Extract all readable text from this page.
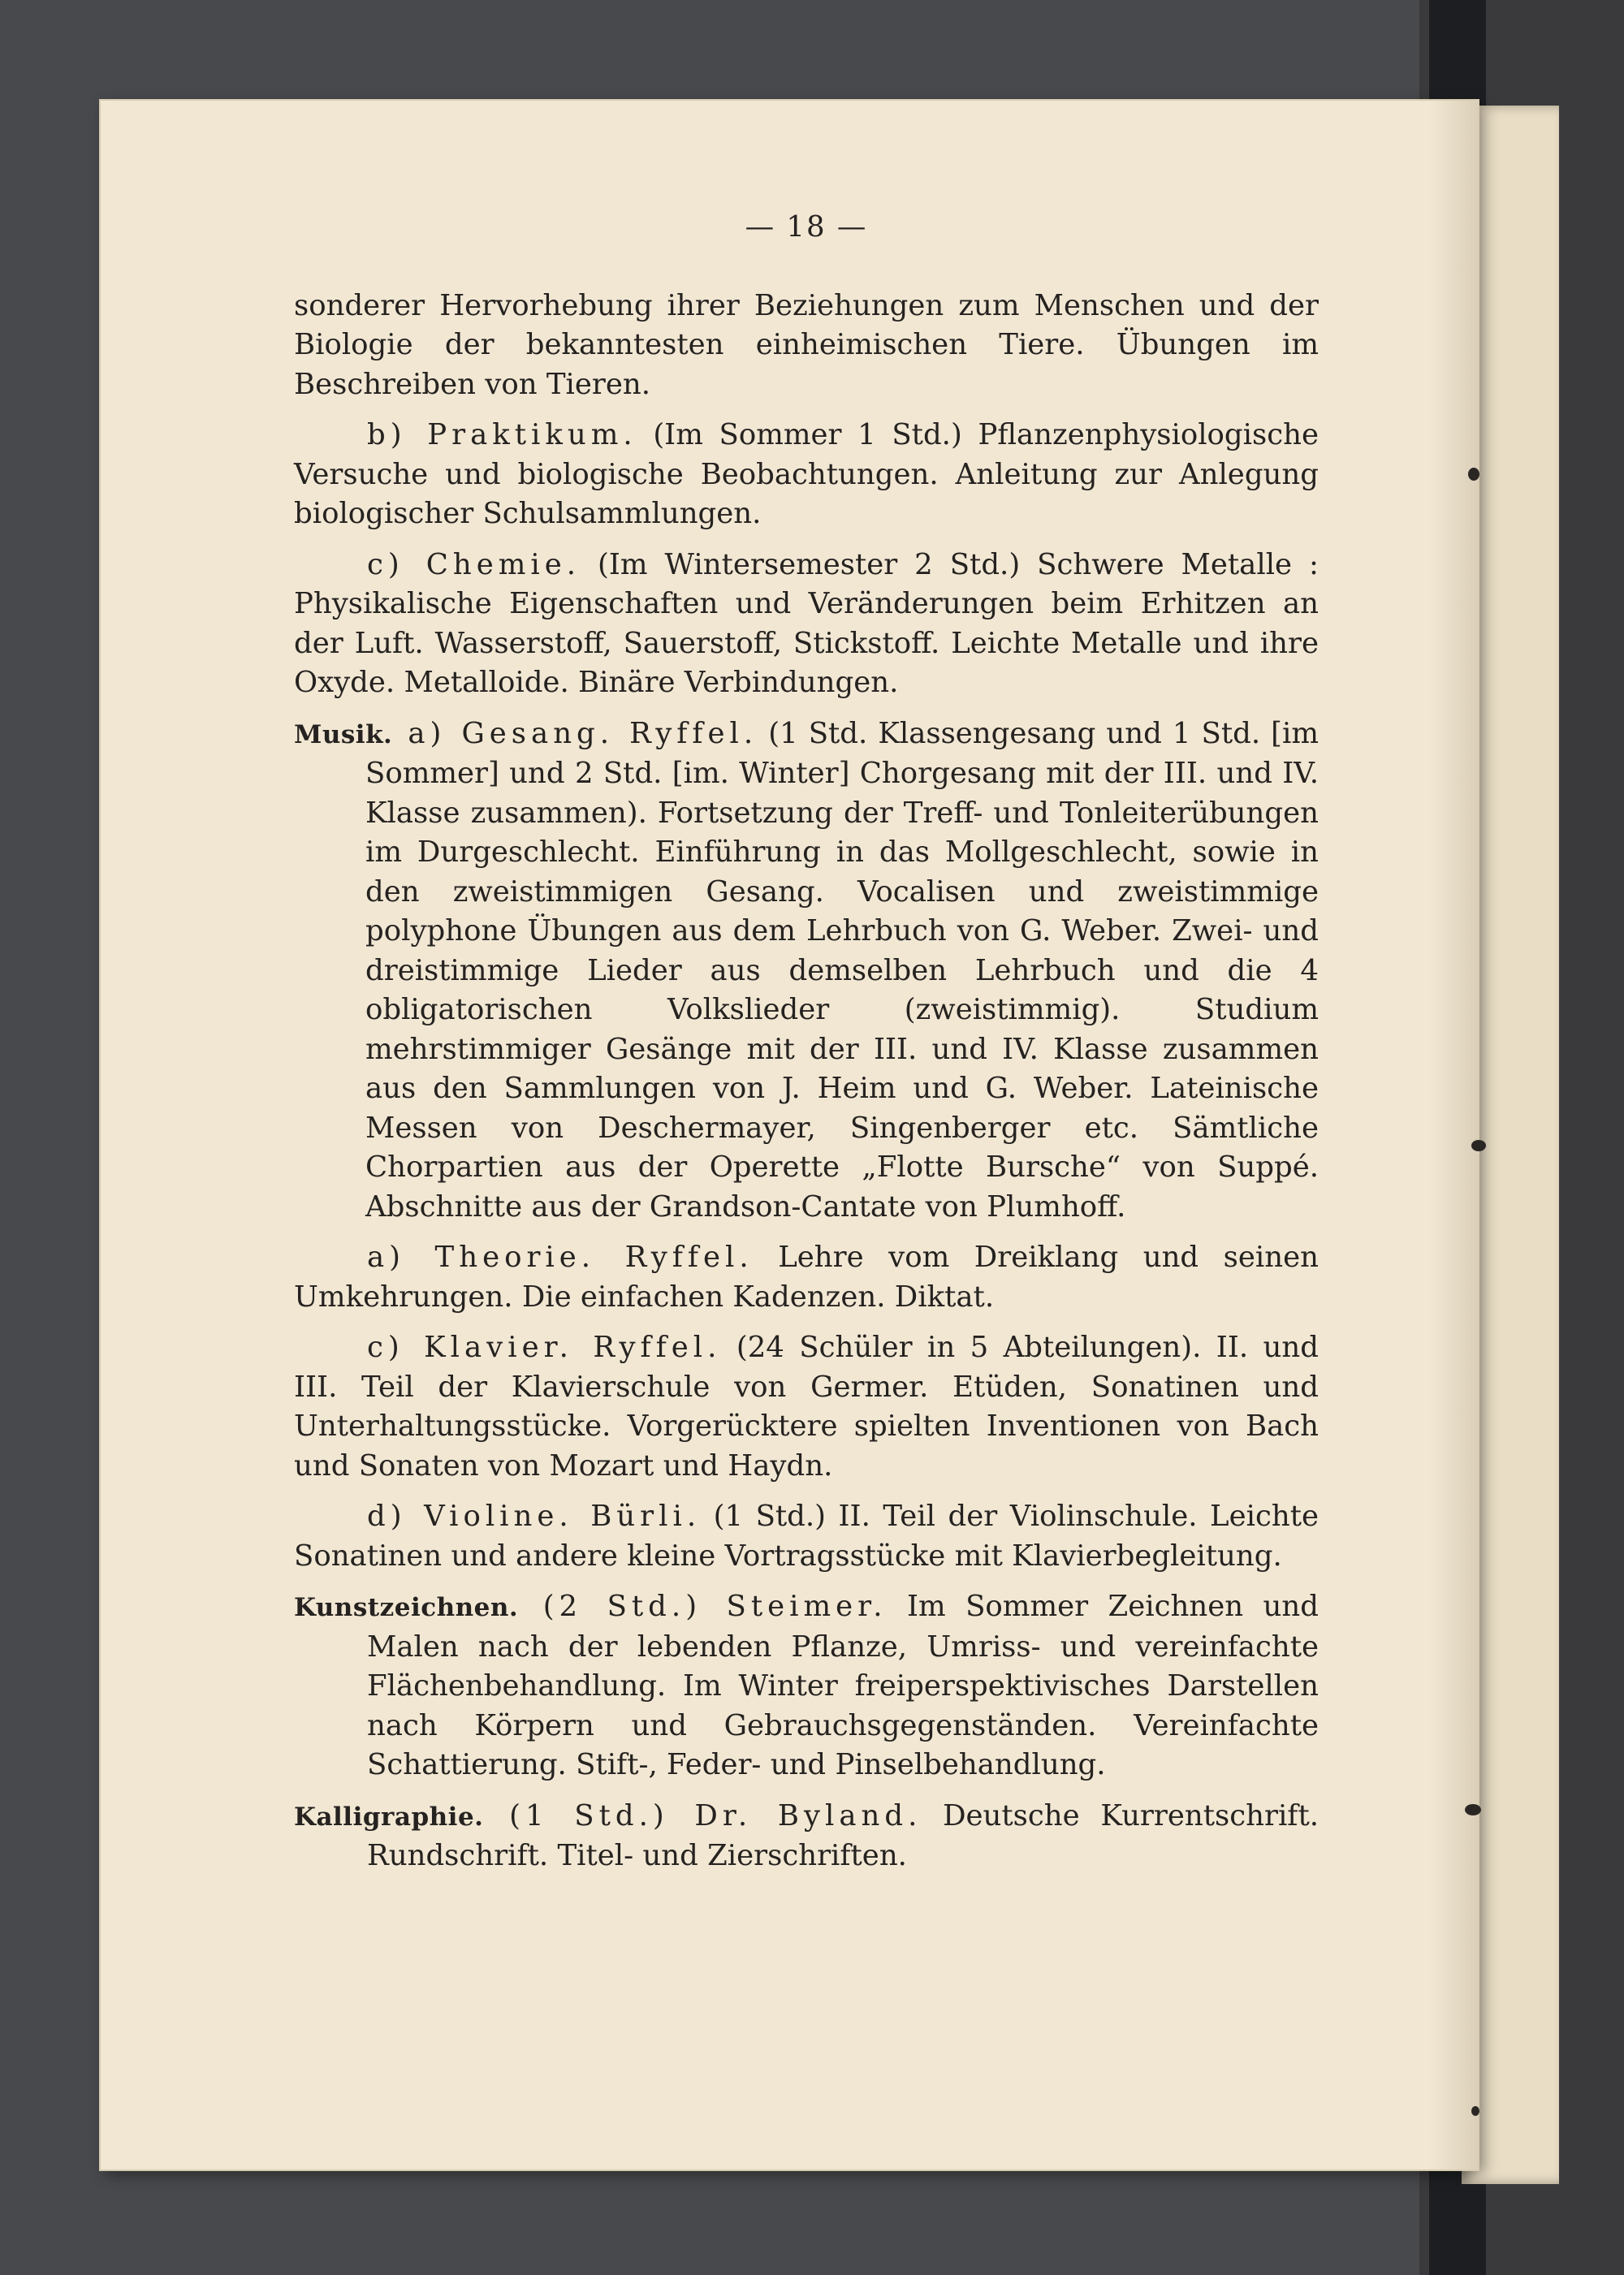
— 18 —
sonderer Hervorhebung ihrer Beziehungen zum Menschen und der Biologie der bekanntesten einheimischen Tiere. Übungen im Beschreiben von Tieren.
b) Praktikum. (Im Sommer 1 Std.) Pflanzenphysiologische Versuche und biologische Beobachtungen. Anleitung zur Anlegung biologischer Schulsammlungen.
c) Chemie. (Im Wintersemester 2 Std.) Schwere Metalle : Physikalische Eigenschaften und Veränderungen beim Erhitzen an der Luft. Wasserstoff, Sauerstoff, Stickstoff. Leichte Metalle und ihre Oxyde. Metalloide. Binäre Verbindungen.
Musik. a) Gesang. Ryffel. (1 Std. Klassengesang und 1 Std. [im Sommer] und 2 Std. [im. Winter] Chorgesang mit der III. und IV. Klasse zusammen). Fortsetzung der Treff- und Tonleiterübungen im Durgeschlecht. Einführung in das Mollgeschlecht, sowie in den zweistimmigen Gesang. Vocalisen und zweistimmige polyphone Übungen aus dem Lehrbuch von G. Weber. Zwei- und dreistimmige Lieder aus demselben Lehrbuch und die 4 obligatorischen Volkslieder (zweistimmig). Studium mehrstimmiger Gesänge mit der III. und IV. Klasse zusammen aus den Sammlungen von J. Heim und G. Weber. Lateinische Messen von Deschermayer, Singenberger etc. Sämtliche Chorpartien aus der Operette „Flotte Bursche“ von Suppé. Abschnitte aus der Grandson-Cantate von Plumhoff.
a) Theorie. Ryffel. Lehre vom Dreiklang und seinen Umkehrungen. Die einfachen Kadenzen. Diktat.
c) Klavier. Ryffel. (24 Schüler in 5 Abteilungen). II. und III. Teil der Klavierschule von Germer. Etüden, Sonatinen und Unterhaltungsstücke. Vorgerücktere spielten Inventionen von Bach und Sonaten von Mozart und Haydn.
d) Violine. Bürli. (1 Std.) II. Teil der Violinschule. Leichte Sonatinen und andere kleine Vortragsstücke mit Klavierbegleitung.
Kunstzeichnen. (2 Std.) Steimer. Im Sommer Zeichnen und Malen nach der lebenden Pflanze, Umriss- und vereinfachte Flächenbehandlung. Im Winter freiperspektivisches Darstellen nach Körpern und Gebrauchsgegenständen. Vereinfachte Schattierung. Stift-, Feder- und Pinselbehandlung.
Kalligraphie. (1 Std.) Dr. Byland. Deutsche Kurrentschrift. Rundschrift. Titel- und Zierschriften.
